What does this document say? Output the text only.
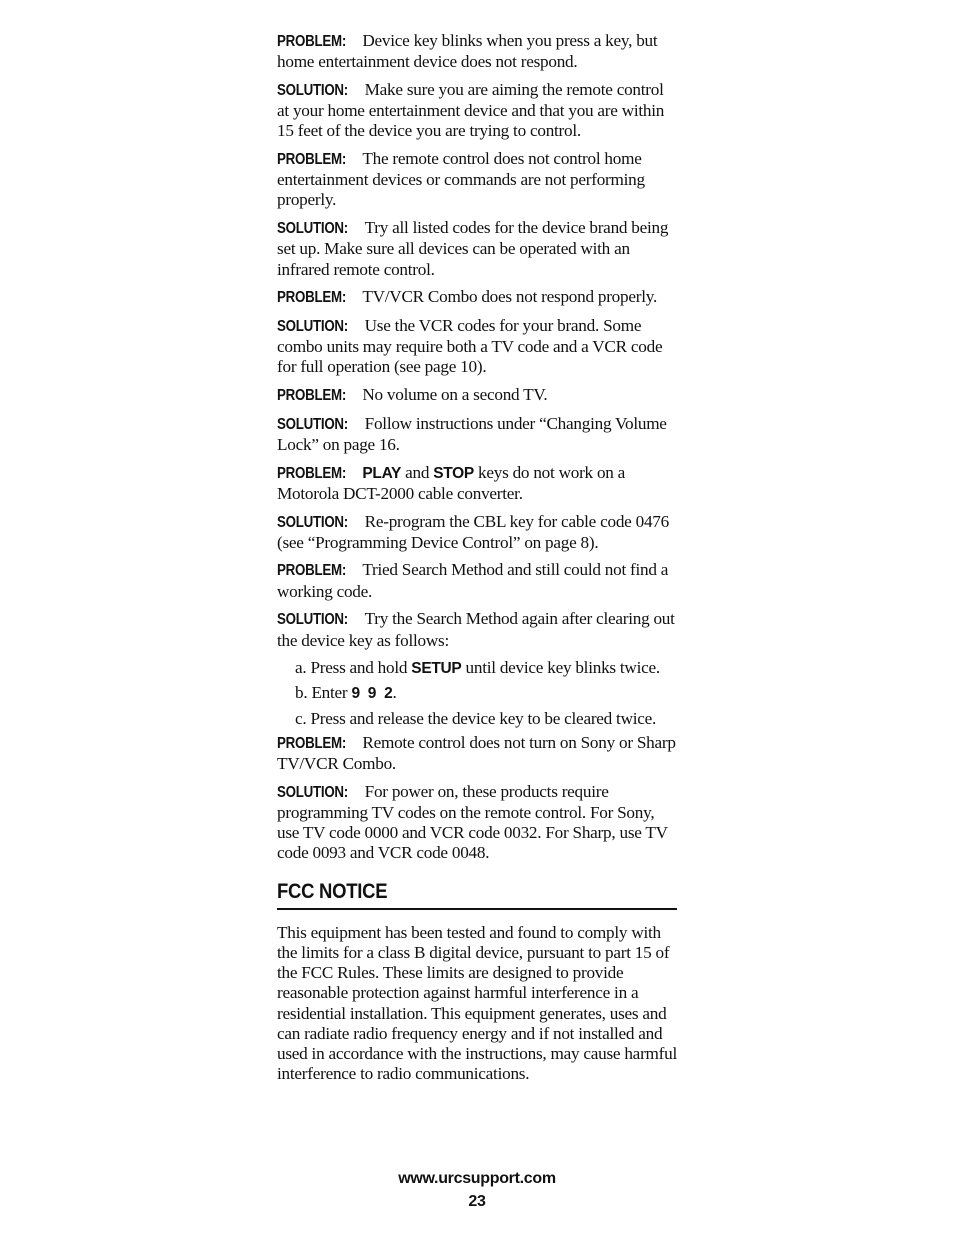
PROBLEM: Device key blinks when you press a key, but home entertainment device does not respond.

SOLUTION: Make sure you are aiming the remote control at your home entertainment device and that you are within 15 feet of the device you are trying to control.

PROBLEM: The remote control does not control home entertainment devices or commands are not performing properly.

SOLUTION: Try all listed codes for the device brand being set up. Make sure all devices can be operated with an infrared remote control.

PROBLEM: TV/VCR Combo does not respond properly.

SOLUTION: Use the VCR codes for your brand. Some combo units may require both a TV code and a VCR code for full operation (see page 10).

PROBLEM: No volume on a second TV.

SOLUTION: Follow instructions under “Changing Volume Lock” on page 16.

PROBLEM: PLAY and STOP keys do not work on a Motorola DCT-2000 cable converter.

SOLUTION: Re-program the CBL key for cable code 0476 (see “Programming Device Control” on page 8).

PROBLEM: Tried Search Method and still could not find a working code.

SOLUTION: Try the Search Method again after clearing out the device key as follows:

a. Press and hold SETUP until device key blinks twice.
b. Enter 9  9  2.
c. Press and release the device key to be cleared twice.

PROBLEM: Remote control does not turn on Sony or Sharp TV/VCR Combo.

SOLUTION: For power on, these products require programming TV codes on the remote control. For Sony, use TV code 0000 and VCR code 0032. For Sharp, use TV code 0093 and VCR code 0048.

FCC NOTICE

This equipment has been tested and found to comply with the limits for a class B digital device, pursuant to part 15 of the FCC Rules. These limits are designed to provide reasonable protection against harmful interference in a residential installation. This equipment generates, uses and can radiate radio frequency energy and if not installed and used in accordance with the instructions, may cause harmful interference to radio communications.

www.urcsupport.com
23
